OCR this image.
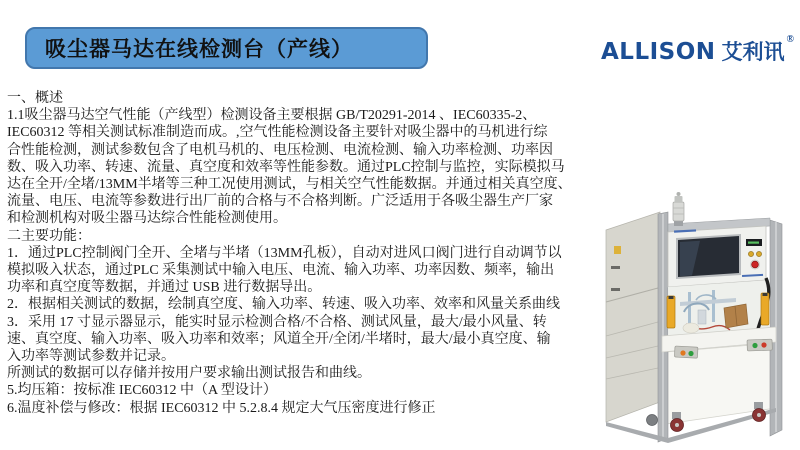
吸尘器马达在线检测台（产线）	ALLISON 艾利讯
®
一、概述
1.1吸尘器马达空气性能（产线型）检测设备主要根据 GB/T20291-2014 、IEC60335-2、
IEC60312 等相关测试标准制造而成。,空气性能检测设备主要针对吸尘器中的马机进行综
合性能检测，测试参数包含了电机马机的、电压检测、电流检测、输入功率检测、功率因
数、吸入功率、转速、流量、真空度和效率等性能参数。通过PLC控制与监控，实际模拟马
达在全开/全堵/13MM半堵等三种工况使用测试，与相关空气性能数据。并通过相关真空度、
流量、电压、电流等参数进行出厂前的合格与不合格判断。广泛适用于各吸尘器生产厂家
和检测机构对吸尘器马达综合性能检测使用。
二主要功能：
1．通过PLC控制阀门全开、全堵与半堵（13MM孔板），自动对进风口阀门进行自动调节以
模拟吸入状态，通过PLC 采集测试中输入电压、电流、输入功率、功率因数、频率，输出
功率和真空度等数据，并通过 USB 进行数据导出。
2．根据相关测试的数据，绘制真空度、输入功率、转速、吸入功率、效率和风量关系曲线
3．采用 17 寸显示器显示，能实时显示检测合格/不合格、测试风量，最大/最小风量、转
速、真空度、输入功率、吸入功率和效率；风道全开/全闭/半堵时，最大/最小真空度、输
入功率等测试参数并记录。
所测试的数据可以存储并按用户要求输出测试报告和曲线。
5.均压箱：按标准 IEC60312 中（A 型设计）
6.温度补偿与修改：根据 IEC60312 中 5.2.8.4 规定大气压密度进行修正
